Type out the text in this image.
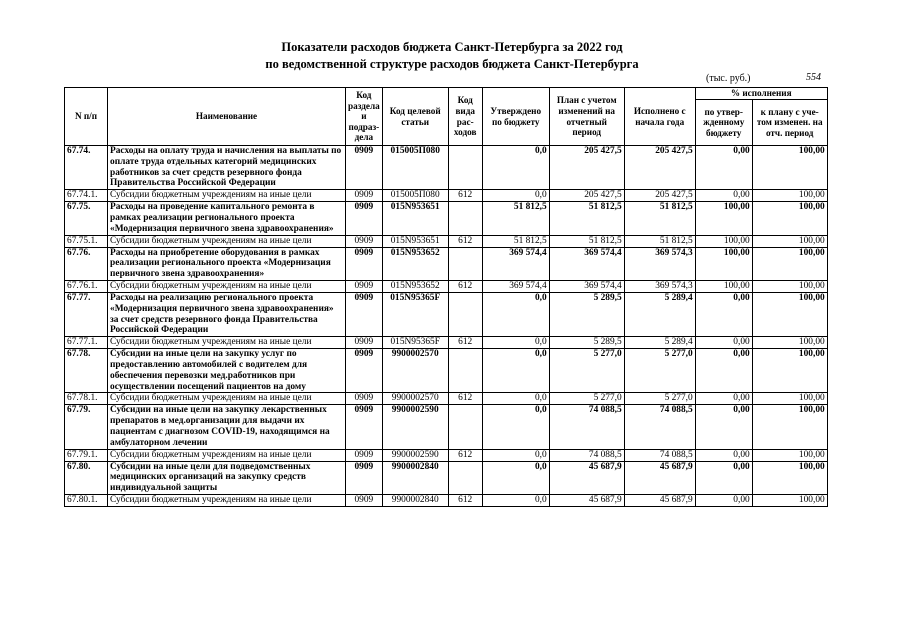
Показатели расходов бюджета Санкт-Петербурга за 2022 год
по ведомственной структуре расходов бюджета Санкт-Петербурга
(тыс. руб.)	554
N п/п	Наименование	Код раздела и подраз-дела	Код целевой статьи	Код вида рас-ходов	Утверждено по бюджету	План с учетом изменений на отчетный период	Исполнено с начала года	% исполнения	
								по утвер-жденному бюджету	к плану с уче-том изменен. на отч. период
67.74.	Расходы на оплату труда и начисления на выплаты по оплате труда отдельных категорий медицинских работников за счет средств резервного фонда Правительства Российской Федерации	0909	015005П080		0,0	205 427,5	205 427,5	0,00	100,00
67.74.1.	Субсидии бюджетным учреждениям на иные цели	0909	015005П080	612	0,0	205 427,5	205 427,5	0,00	100,00
67.75.	Расходы на проведение капитального ремонта в рамках реализации регионального проекта «Модернизация первичного звена здравоохранения»	0909	015N953651		51 812,5	51 812,5	51 812,5	100,00	100,00
67.75.1.	Субсидии бюджетным учреждениям на иные цели	0909	015N953651	612	51 812,5	51 812,5	51 812,5	100,00	100,00
67.76.	Расходы на приобретение оборудования в рамках реализации регионального проекта «Модернизация первичного звена здравоохранения»	0909	015N953652		369 574,4	369 574,4	369 574,3	100,00	100,00
67.76.1.	Субсидии бюджетным учреждениям на иные цели	0909	015N953652	612	369 574,4	369 574,4	369 574,3	100,00	100,00
67.77.	Расходы на реализацию регионального проекта «Модернизация первичного звена здравоохранения» за счет средств резервного фонда Правительства Российской Федерации	0909	015N95365F		0,0	5 289,5	5 289,4	0,00	100,00
67.77.1.	Субсидии бюджетным учреждениям на иные цели	0909	015N95365F	612	0,0	5 289,5	5 289,4	0,00	100,00
67.78.	Субсидии на иные цели на закупку услуг по предоставлению автомобилей с водителем для обеспечения перевозки мед.работников при осуществлении посещений пациентов на дому	0909	9900002570		0,0	5 277,0	5 277,0	0,00	100,00
67.78.1.	Субсидии бюджетным учреждениям на иные цели	0909	9900002570	612	0,0	5 277,0	5 277,0	0,00	100,00
67.79.	Субсидии на иные цели на закупку лекарственных препаратов в мед.организации для выдачи их пациентам с диагнозом COVID-19, находящимся на амбулаторном лечении	0909	9900002590		0,0	74 088,5	74 088,5	0,00	100,00
67.79.1.	Субсидии бюджетным учреждениям на иные цели	0909	9900002590	612	0,0	74 088,5	74 088,5	0,00	100,00
67.80.	Субсидии на иные цели для подведомственных медицинских организаций на закупку средств индивидуальной защиты	0909	9900002840		0,0	45 687,9	45 687,9	0,00	100,00
67.80.1.	Субсидии бюджетным учреждениям на иные цели	0909	9900002840	612	0,0	45 687,9	45 687,9	0,00	100,00
